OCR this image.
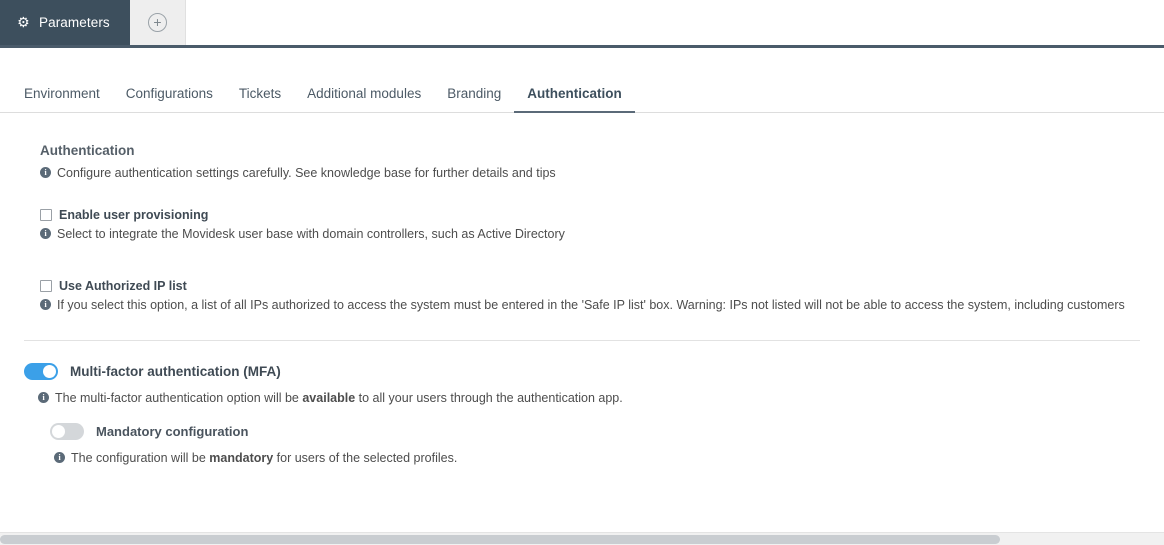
⚙ Parameters	+
Environment	Configurations	Tickets	Additional modules	Branding	Authentication
Authentication
i Configure authentication settings carefully. See knowledge base for further details and tips
Enable user provisioning
i Select to integrate the Movidesk user base with domain controllers, such as Active Directory
Use Authorized IP list
i If you select this option, a list of all IPs authorized to access the system must be entered in the 'Safe IP list' box. Warning: IPs not listed will not be able to access the system, including customers
Multi-factor authentication (MFA)
i The multi-factor authentication option will be available to all your users through the authentication app.
Mandatory configuration
i The configuration will be mandatory for users of the selected profiles.
